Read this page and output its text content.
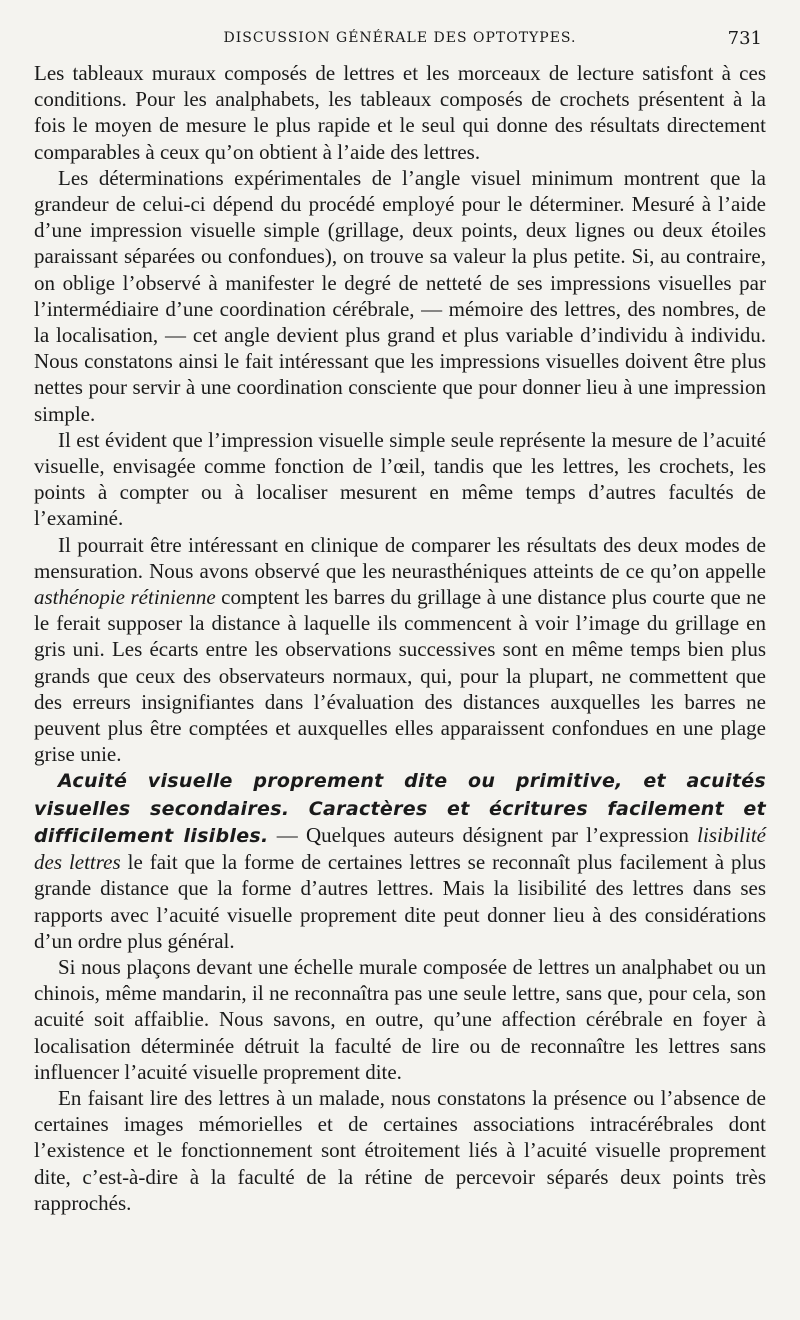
DISCUSSION GÉNÉRALE DES OPTOTYPES.	731

Les tableaux muraux composés de lettres et les morceaux de lecture satisfont à ces conditions. Pour les analphabets, les tableaux composés de crochets présentent à la fois le moyen de mesure le plus rapide et le seul qui donne des résultats directement comparables à ceux qu’on obtient à l’aide des lettres.

Les déterminations expérimentales de l’angle visuel minimum montrent que la grandeur de celui-ci dépend du procédé employé pour le déterminer. Mesuré à l’aide d’une impression visuelle simple (grillage, deux points, deux lignes ou deux étoiles paraissant séparées ou confondues), on trouve sa valeur la plus petite. Si, au contraire, on oblige l’observé à manifester le degré de netteté de ses impressions visuelles par l’intermédiaire d’une coordination cérébrale, — mémoire des lettres, des nombres, de la localisation, — cet angle devient plus grand et plus variable d’individu à individu. Nous constatons ainsi le fait intéressant que les impressions visuelles doivent être plus nettes pour servir à une coordination consciente que pour donner lieu à une impression simple.

Il est évident que l’impression visuelle simple seule représente la mesure de l’acuité visuelle, envisagée comme fonction de l’œil, tandis que les lettres, les crochets, les points à compter ou à localiser mesurent en même temps d’autres facultés de l’examiné.

Il pourrait être intéressant en clinique de comparer les résultats des deux modes de mensuration. Nous avons observé que les neurasthéniques atteints de ce qu’on appelle asthénopie rétinienne comptent les barres du grillage à une distance plus courte que ne le ferait supposer la distance à laquelle ils commencent à voir l’image du grillage en gris uni. Les écarts entre les observations successives sont en même temps bien plus grands que ceux des observateurs normaux, qui, pour la plupart, ne commettent que des erreurs insignifiantes dans l’évaluation des distances auxquelles les barres ne peuvent plus être comptées et auxquelles elles apparaissent confondues en une plage grise unie.

Acuité visuelle proprement dite ou primitive, et acuités visuelles secondaires. Caractères et écritures facilement et difficilement lisibles. — Quelques auteurs désignent par l’expression lisibilité des lettres le fait que la forme de certaines lettres se reconnaît plus facilement à plus grande distance que la forme d’autres lettres. Mais la lisibilité des lettres dans ses rapports avec l’acuité visuelle proprement dite peut donner lieu à des considérations d’un ordre plus général.

Si nous plaçons devant une échelle murale composée de lettres un analphabet ou un chinois, même mandarin, il ne reconnaîtra pas une seule lettre, sans que, pour cela, son acuité soit affaiblie. Nous savons, en outre, qu’une affection cérébrale en foyer à localisation déterminée détruit la faculté de lire ou de reconnaître les lettres sans influencer l’acuité visuelle proprement dite.

En faisant lire des lettres à un malade, nous constatons la présence ou l’absence de certaines images mémorielles et de certaines associations intracérébrales dont l’existence et le fonctionnement sont étroitement liés à l’acuité visuelle proprement dite, c’est-à-dire à la faculté de la rétine de percevoir séparés deux points très rapprochés.
